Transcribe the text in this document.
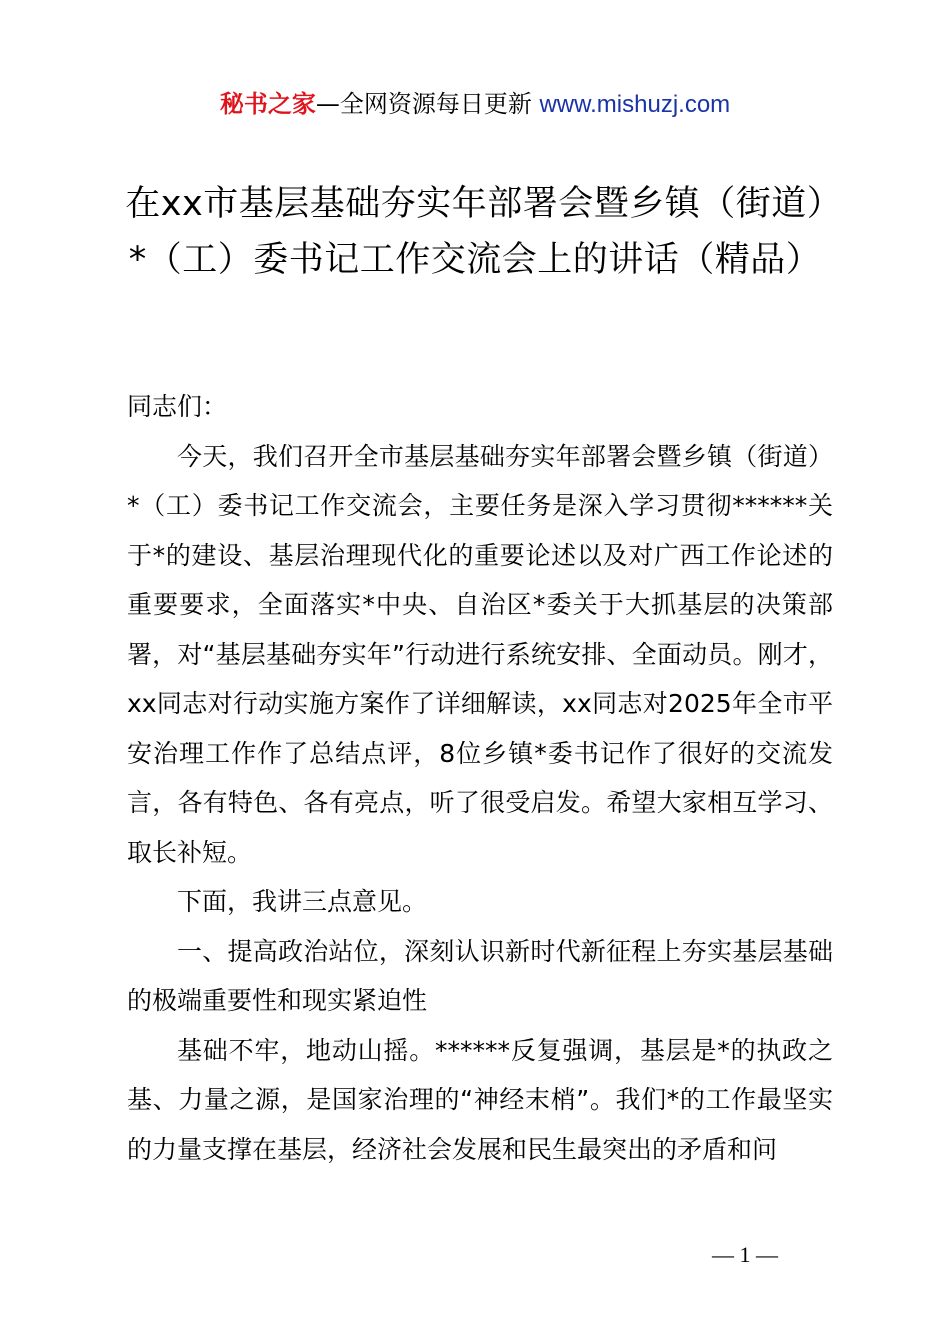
秘书之家—全网资源每日更新 www.mishuzj.com
在xx市基层基础夯实年部署会暨乡镇（街道）*（工）委书记工作交流会上的讲话（精品）

同志们：

今天，我们召开全市基层基础夯实年部署会暨乡镇（街道）*（工）委书记工作交流会，主要任务是深入学习贯彻******关于*的建设、基层治理现代化的重要论述以及对广西工作论述的重要要求，全面落实*中央、自治区*委关于大抓基层的决策部署，对“基层基础夯实年”行动进行系统安排、全面动员。刚才，xx同志对行动实施方案作了详细解读，xx同志对2025年全市平安治理工作作了总结点评，8位乡镇*委书记作了很好的交流发言，各有特色、各有亮点，听了很受启发。希望大家相互学习、取长补短。

下面，我讲三点意见。

一、提高政治站位，深刻认识新时代新征程上夯实基层基础的极端重要性和现实紧迫性

基础不牢，地动山摇。******反复强调，基层是*的执政之基、力量之源，是国家治理的“神经末梢”。我们*的工作最坚实的力量支撑在基层，经济社会发展和民生最突出的矛盾和问

— 1 —
